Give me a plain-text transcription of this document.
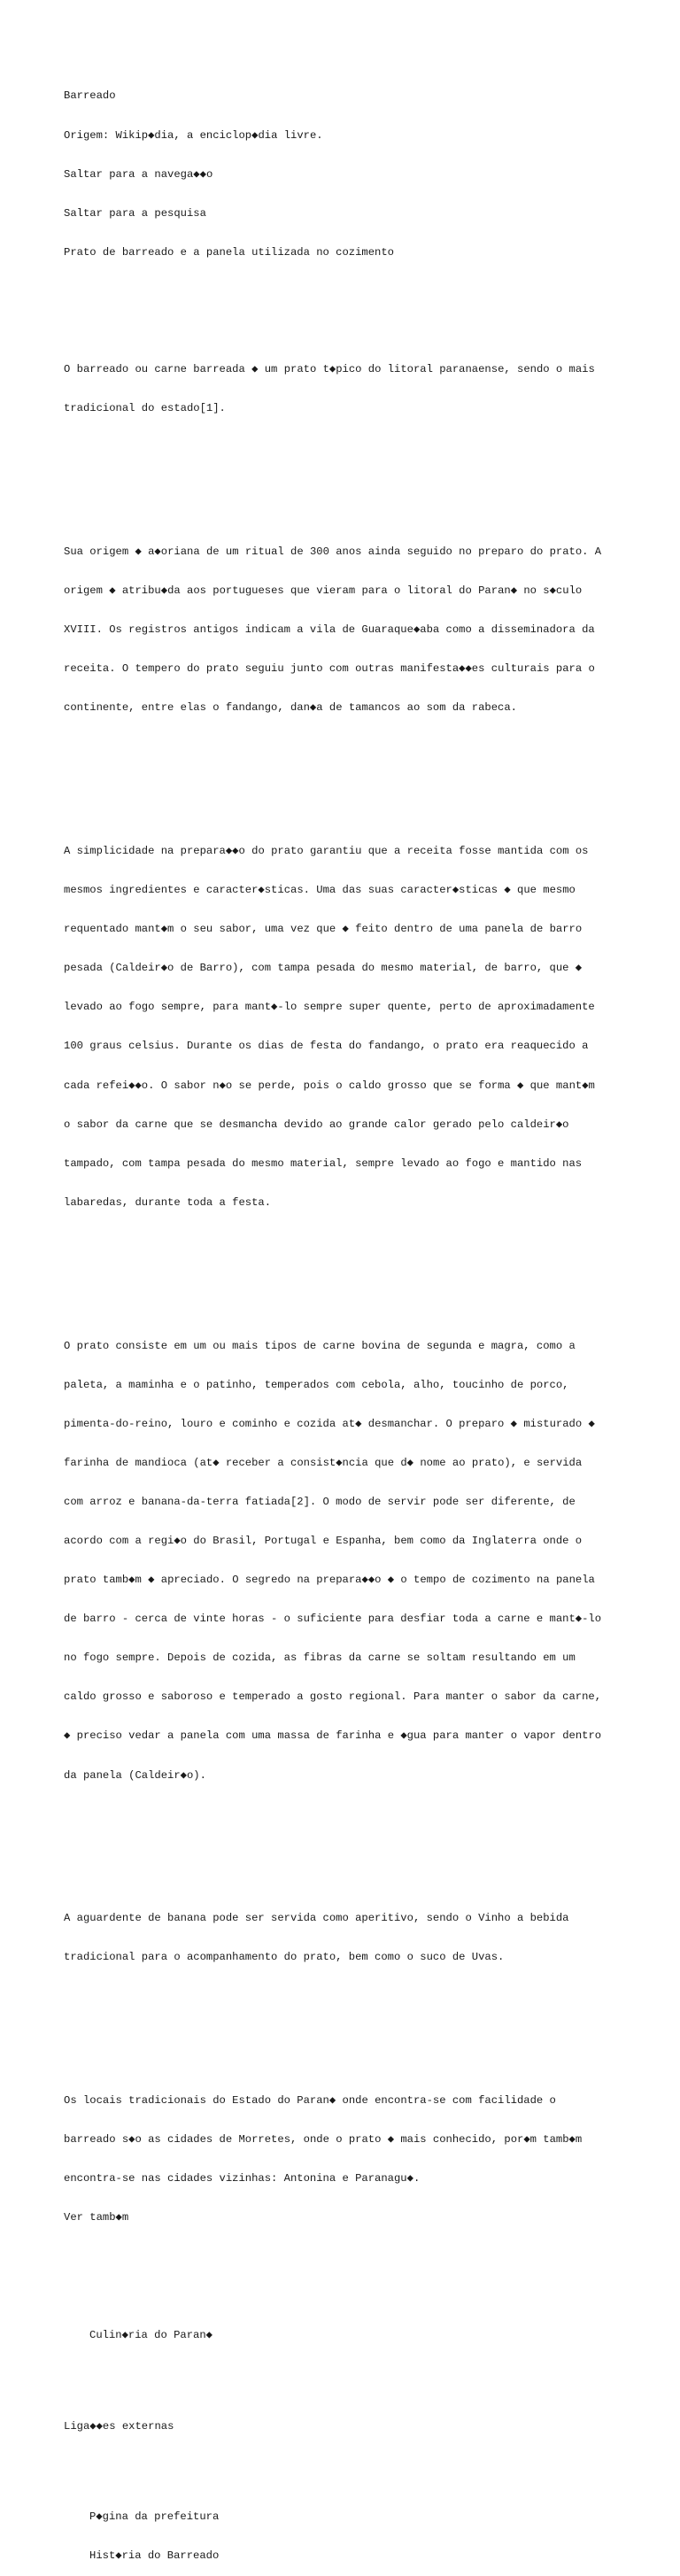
Barreado

Origem: Wikip◆dia, a enciclop◆dia livre.

Saltar para a navega◆◆o

Saltar para a pesquisa

Prato de barreado e a panela utilizada no cozimento

O barreado ou carne barreada ◆ um prato t◆pico do litoral paranaense, sendo o mais

tradicional do estado[1].

Sua origem ◆ a◆oriana de um ritual de 300 anos ainda seguido no preparo do prato. A

origem ◆ atribu◆da aos portugueses que vieram para o litoral do Paran◆ no s◆culo

XVIII. Os registros antigos indicam a vila de Guaraque◆aba como a disseminadora da

receita. O tempero do prato seguiu junto com outras manifesta◆◆es culturais para o

continente, entre elas o fandango, dan◆a de tamancos ao som da rabeca.

A simplicidade na prepara◆◆o do prato garantiu que a receita fosse mantida com os

mesmos ingredientes e caracter◆sticas. Uma das suas caracter◆sticas ◆ que mesmo

requentado mant◆m o seu sabor, uma vez que ◆ feito dentro de uma panela de barro

pesada (Caldeir◆o de Barro), com tampa pesada do mesmo material, de barro, que ◆

levado ao fogo sempre, para mant◆-lo sempre super quente, perto de aproximadamente

100 graus celsius. Durante os dias de festa do fandango, o prato era reaquecido a

cada refei◆◆o. O sabor n◆o se perde, pois o caldo grosso que se forma ◆ que mant◆m

o sabor da carne que se desmancha devido ao grande calor gerado pelo caldeir◆o

tampado, com tampa pesada do mesmo material, sempre levado ao fogo e mantido nas

labaredas, durante toda a festa.

O prato consiste em um ou mais tipos de carne bovina de segunda e magra, como a

paleta, a maminha e o patinho, temperados com cebola, alho, toucinho de porco,

pimenta-do-reino, louro e cominho e cozida at◆ desmanchar. O preparo ◆ misturado ◆

farinha de mandioca (at◆ receber a consist◆ncia que d◆ nome ao prato), e servida

com arroz e banana-da-terra fatiada[2]. O modo de servir pode ser diferente, de

acordo com a regi◆o do Brasil, Portugal e Espanha, bem como da Inglaterra onde o

prato tamb◆m ◆ apreciado. O segredo na prepara◆◆o ◆ o tempo de cozimento na panela

de barro - cerca de vinte horas - o suficiente para desfiar toda a carne e mant◆-lo

no fogo sempre. Depois de cozida, as fibras da carne se soltam resultando em um

caldo grosso e saboroso e temperado a gosto regional. Para manter o sabor da carne,

◆ preciso vedar a panela com uma massa de farinha e ◆gua para manter o vapor dentro

da panela (Caldeir◆o).

A aguardente de banana pode ser servida como aperitivo, sendo o Vinho a bebida

tradicional para o acompanhamento do prato, bem como o suco de Uvas.

Os locais tradicionais do Estado do Paran◆ onde encontra-se com facilidade o

barreado s◆o as cidades de Morretes, onde o prato ◆ mais conhecido, por◆m tamb◆m

encontra-se nas cidades vizinhas: Antonina e Paranagu◆.

Ver tamb◆m

Culin◆ria do Paran◆

Liga◆◆es externas

P◆gina da prefeitura

Hist◆ria do Barreado
